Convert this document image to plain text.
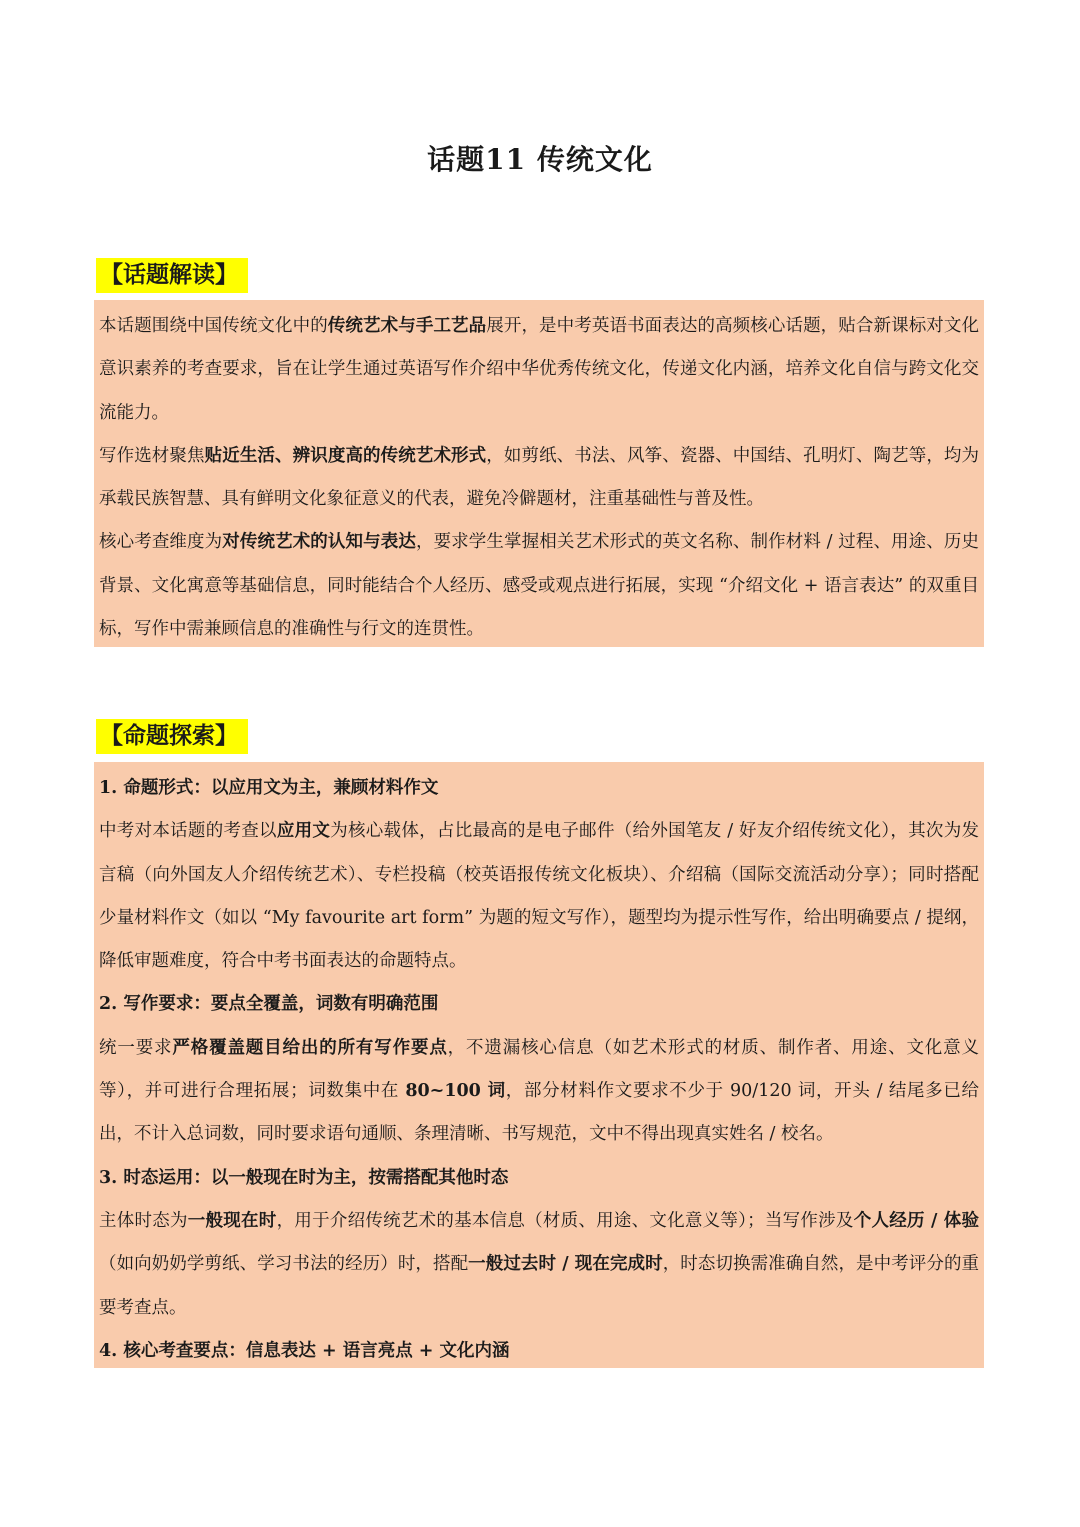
话题11 传统文化
【话题解读】

本话题围绕中国传统文化中的传统艺术与手工艺品展开，是中考英语书面表达的高频核心话题，贴合新课标对文化意识素养的考查要求，旨在让学生通过英语写作介绍中华优秀传统文化，传递文化内涵，培养文化自信与跨文化交流能力。

写作选材聚焦贴近生活、辨识度高的传统艺术形式，如剪纸、书法、风筝、瓷器、中国结、孔明灯、陶艺等，均为承载民族智慧、具有鲜明文化象征意义的代表，避免冷僻题材，注重基础性与普及性。

核心考查维度为对传统艺术的认知与表达，要求学生掌握相关艺术形式的英文名称、制作材料 / 过程、用途、历史背景、文化寓意等基础信息，同时能结合个人经历、感受或观点进行拓展，实现 “介绍文化 + 语言表达” 的双重目标，写作中需兼顾信息的准确性与行文的连贯性。

【命题探索】

1. 命题形式：以应用文为主，兼顾材料作文

中考对本话题的考查以应用文为核心载体，占比最高的是电子邮件（给外国笔友 / 好友介绍传统文化），其次为发言稿（向外国友人介绍传统艺术）、专栏投稿（校英语报传统文化板块）、介绍稿（国际交流活动分享）；同时搭配少量材料作文（如以 “My favourite art form” 为题的短文写作），题型均为提示性写作，给出明确要点 / 提纲，降低审题难度，符合中考书面表达的命题特点。

2. 写作要求：要点全覆盖，词数有明确范围

统一要求严格覆盖题目给出的所有写作要点，不遗漏核心信息（如艺术形式的材质、制作者、用途、文化意义等），并可进行合理拓展；词数集中在 80~100 词，部分材料作文要求不少于 90/120 词，开头 / 结尾多已给出，不计入总词数，同时要求语句通顺、条理清晰、书写规范，文中不得出现真实姓名 / 校名。

3. 时态运用：以一般现在时为主，按需搭配其他时态

主体时态为一般现在时，用于介绍传统艺术的基本信息（材质、用途、文化意义等）；当写作涉及个人经历 / 体验（如向奶奶学剪纸、学习书法的经历）时，搭配一般过去时 / 现在完成时，时态切换需准确自然，是中考评分的重要考查点。

4. 核心考查要点：信息表达 + 语言亮点 + 文化内涵
